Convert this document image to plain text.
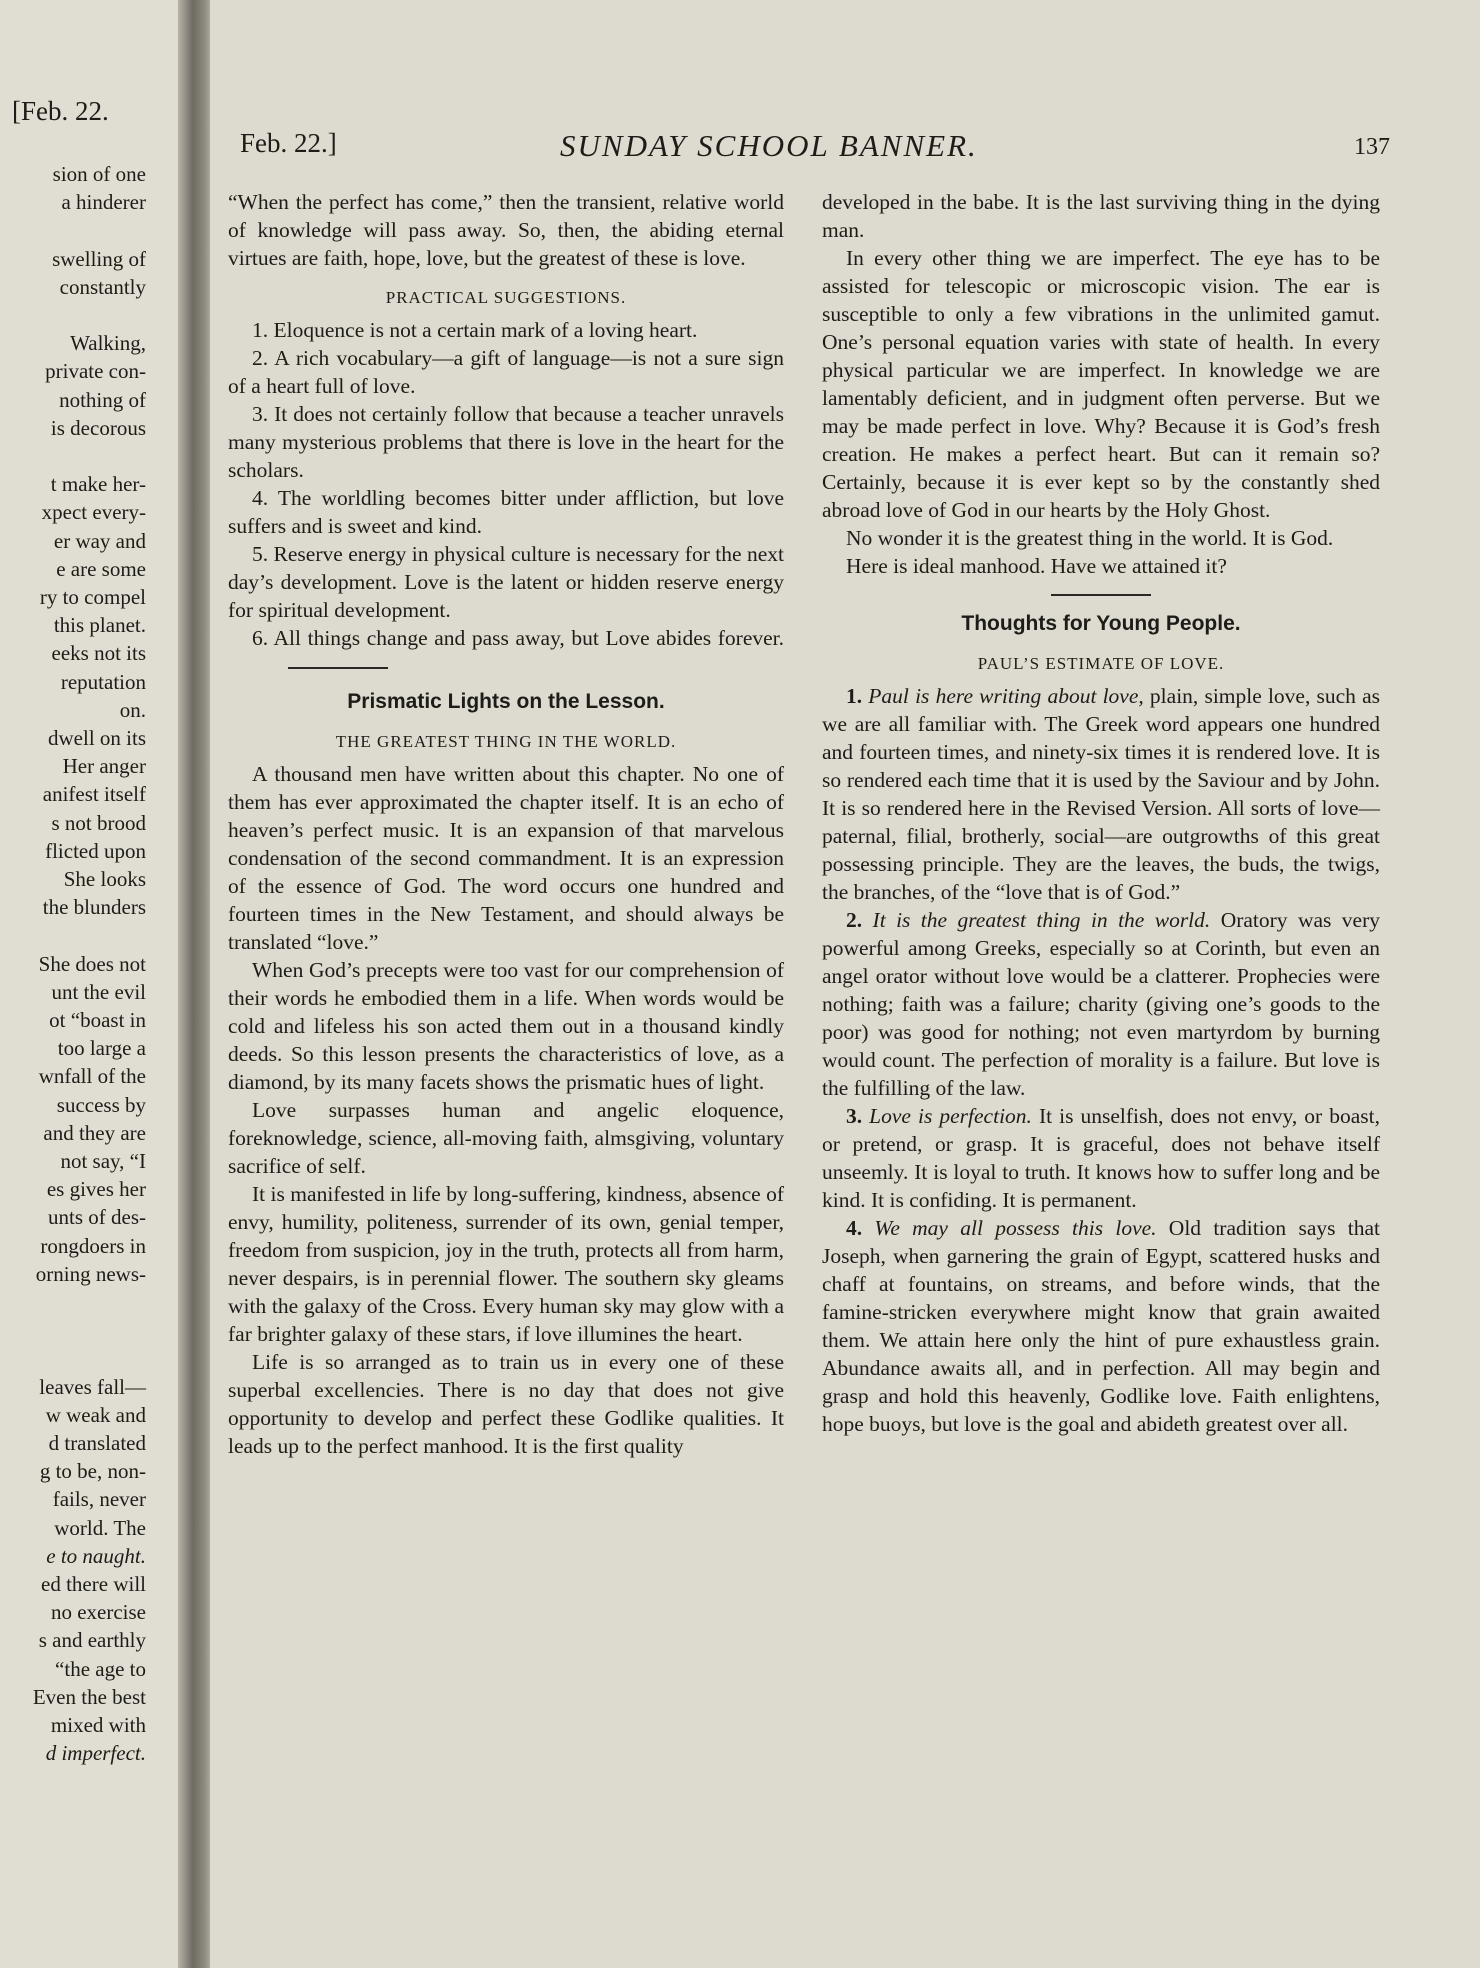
[Feb. 22.
sion of one
a hinderer
swelling of
constantly
Walking,
private con-
nothing of
is decorous
t make her-
xpect every-
er way and
e are some
ry to compel
this planet.
eeks not its
reputation
on.
dwell on its
Her anger
anifest itself
s not brood
flicted upon
She looks
the blunders
She does not
unt the evil
ot “boast in
too large a
wnfall of the
success by
and they are
not say, “I
es gives her
unts of des-
rongdoers in
orning news-
leaves fall—
w weak and
d translated
g to be, non-
fails, never
world. The
e to naught.
ed there will
no exercise
s and earthly
“the age to
Even the best
mixed with
d imperfect.
Feb. 22.]	SUNDAY SCHOOL BANNER.	137

“When the perfect has come,” then the transient, relative world of knowledge will pass away. So, then, the abiding eternal virtues are faith, hope, love, but the greatest of these is love.

PRACTICAL SUGGESTIONS.

1. Eloquence is not a certain mark of a loving heart.

2. A rich vocabulary—a gift of language—is not a sure sign of a heart full of love.

3. It does not certainly follow that because a teacher unravels many mysterious problems that there is love in the heart for the scholars.

4. The worldling becomes bitter under affliction, but love suffers and is sweet and kind.

5. Reserve energy in physical culture is necessary for the next day’s development. Love is the latent or hidden reserve energy for spiritual development.

6. All things change and pass away, but Love abides forever.

Prismatic Lights on the Lesson.
THE GREATEST THING IN THE WORLD.

A thousand men have written about this chapter. No one of them has ever approximated the chapter itself. It is an echo of heaven’s perfect music. It is an expansion of that marvelous condensation of the second commandment. It is an expression of the essence of God. The word occurs one hundred and fourteen times in the New Testament, and should always be translated “love.”

When God’s precepts were too vast for our comprehension of their words he embodied them in a life. When words would be cold and lifeless his son acted them out in a thousand kindly deeds. So this lesson presents the characteristics of love, as a diamond, by its many facets shows the prismatic hues of light.

Love surpasses human and angelic eloquence, foreknowledge, science, all-moving faith, almsgiving, voluntary sacrifice of self.

It is manifested in life by long-suffering, kindness, absence of envy, humility, politeness, surrender of its own, genial temper, freedom from suspicion, joy in the truth, protects all from harm, never despairs, is in perennial flower. The southern sky gleams with the galaxy of the Cross. Every human sky may glow with a far brighter galaxy of these stars, if love illumines the heart.

Life is so arranged as to train us in every one of these superbal excellencies. There is no day that does not give opportunity to develop and perfect these Godlike qualities. It leads up to the perfect manhood. It is the first quality

developed in the babe. It is the last surviving thing in the dying man.

In every other thing we are imperfect. The eye has to be assisted for telescopic or microscopic vision. The ear is susceptible to only a few vibrations in the unlimited gamut. One’s personal equation varies with state of health. In every physical particular we are imperfect. In knowledge we are lamentably deficient, and in judgment often perverse. But we may be made perfect in love. Why? Because it is God’s fresh creation. He makes a perfect heart. But can it remain so? Certainly, because it is ever kept so by the constantly shed abroad love of God in our hearts by the Holy Ghost.

No wonder it is the greatest thing in the world. It is God.

Here is ideal manhood. Have we attained it?

Thoughts for Young People.
PAUL’S ESTIMATE OF LOVE.

1. Paul is here writing about love, plain, simple love, such as we are all familiar with. The Greek word appears one hundred and fourteen times, and ninety-six times it is rendered love. It is so rendered each time that it is used by the Saviour and by John. It is so rendered here in the Revised Version. All sorts of love—paternal, filial, brotherly, social—are outgrowths of this great possessing principle. They are the leaves, the buds, the twigs, the branches, of the “love that is of God.”

2. It is the greatest thing in the world. Oratory was very powerful among Greeks, especially so at Corinth, but even an angel orator without love would be a clatterer. Prophecies were nothing; faith was a failure; charity (giving one’s goods to the poor) was good for nothing; not even martyrdom by burning would count. The perfection of morality is a failure. But love is the fulfilling of the law.

3. Love is perfection. It is unselfish, does not envy, or boast, or pretend, or grasp. It is graceful, does not behave itself unseemly. It is loyal to truth. It knows how to suffer long and be kind. It is confiding. It is permanent.

4. We may all possess this love. Old tradition says that Joseph, when garnering the grain of Egypt, scattered husks and chaff at fountains, on streams, and before winds, that the famine-stricken everywhere might know that grain awaited them. We attain here only the hint of pure exhaustless grain. Abundance awaits all, and in perfection. All may begin and grasp and hold this heavenly, Godlike love. Faith enlightens, hope buoys, but love is the goal and abideth greatest over all.
